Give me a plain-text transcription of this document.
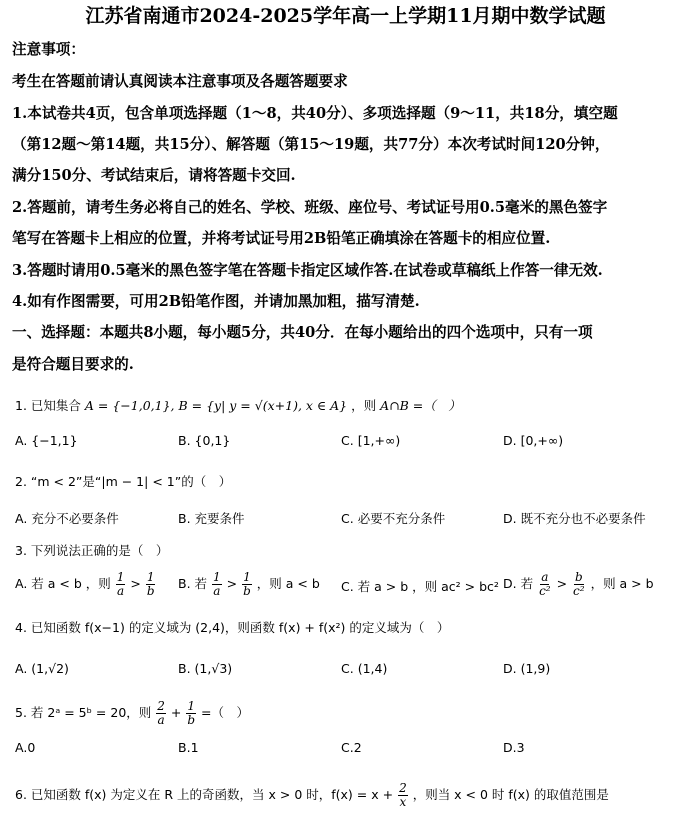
江苏省南通市2024-2025学年高一上学期11月期中数学试题
注意事项：
考生在答题前请认真阅读本注意事项及各题答题要求
1.本试卷共4页，包含单项选择题（1～8，共40分）、多项选择题（9～11，共18分，填空题
（第12题～第14题，共15分）、解答题（第15～19题，共77分）本次考试时间120分钟，
满分150分、考试结束后，请将答题卡交回.
2.答题前，请考生务必将自己的姓名、学校、班级、座位号、考试证号用0.5毫米的黑色签字
笔写在答题卡上相应的位置，并将考试证号用2B铅笔正确填涂在答题卡的相应位置.
3.答题时请用0.5毫米的黑色签字笔在答题卡指定区域作答.在试卷或草稿纸上作答一律无效.
4.如有作图需要，可用2B铅笔作图，并请加黑加粗，描写清楚.
一、选择题：本题共8小题，每小题5分，共40分．在每小题给出的四个选项中，只有一项
是符合题目要求的.
1. 已知集合 A = {−1,0,1}, B = {y| y = √(x+1), x ∈ A} ，则 A∩B =（　）
A. {−1,1}	B. {0,1}	C. [1,+∞)	D. [0,+∞)
2. “m < 2”是“|m − 1| < 1”的（　）
A. 充分不必要条件	B. 充要条件	C. 必要不充分条件	D. 既不充分也不必要条件
3. 下列说法正确的是（　）
A. 若 a < b ，则 $\frac{1}{a} > \frac{1}{b} B$. 若 $\frac{1}{a} > \frac{1}{b}$ ，则 a < b C. 若 a > b ，则 ac² > bc² D. 若 $\frac{a}{\text{c²}} > \frac{b}{\text{c²}}$ ，则 a > b
4. 已知函数 f(x−1) 的定义域为 (2,4)，则函数 f(x) + f(x²) 的定义域为（　）
A. (1,√2)	B. (1,√3)	C. (1,4)	D. (1,9)
5. 若 2ᵃ = 5ᵇ = 20，则 $\frac{2}{a} + \frac{1}{b}$ =（　）
A.0	B.1	C.2	D.3
6. 已知函数 f(x) 为定义在 R 上的奇函数，当 x > 0 时，$f(x) = x + \frac{2}{x}$ ，则当 x < 0 时 f(x) 的取值范围是
